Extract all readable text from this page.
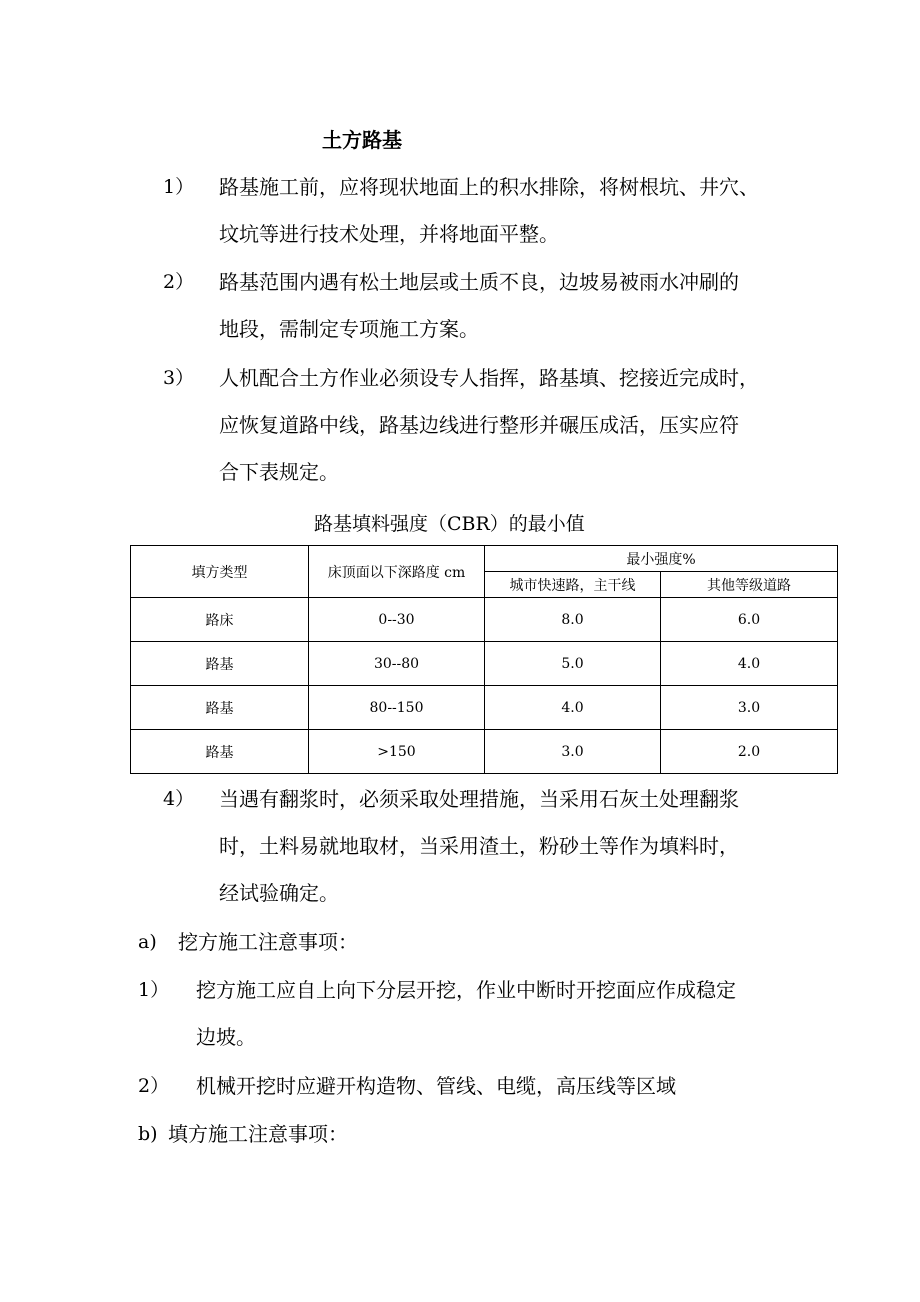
土方路基
1） 路基施工前，应将现状地面上的积水排除，将树根坑、井穴、
坟坑等进行技术处理，并将地面平整。
2） 路基范围内遇有松土地层或土质不良，边坡易被雨水冲刷的
地段，需制定专项施工方案。
3） 人机配合土方作业必须设专人指挥，路基填、挖接近完成时，
应恢复道路中线，路基边线进行整形并碾压成活，压实应符
合下表规定。
路基填料强度（CBR）的最小值
填方类型	床顶面以下深路度 cm	最小强度%	
		城市快速路，主干线	其他等级道路
路床	0--30	8.0	6.0
路基	30--80	5.0	4.0
路基	80--150	4.0	3.0
路基	>150	3.0	2.0
4） 当遇有翻浆时，必须采取处理措施，当采用石灰土处理翻浆
时，土料易就地取材，当采用渣土，粉砂土等作为填料时，
经试验确定。
a) 挖方施工注意事项：
1） 挖方施工应自上向下分层开挖，作业中断时开挖面应作成稳定
边坡。
2） 机械开挖时应避开构造物、管线、电缆，高压线等区域
b) 填方施工注意事项：
